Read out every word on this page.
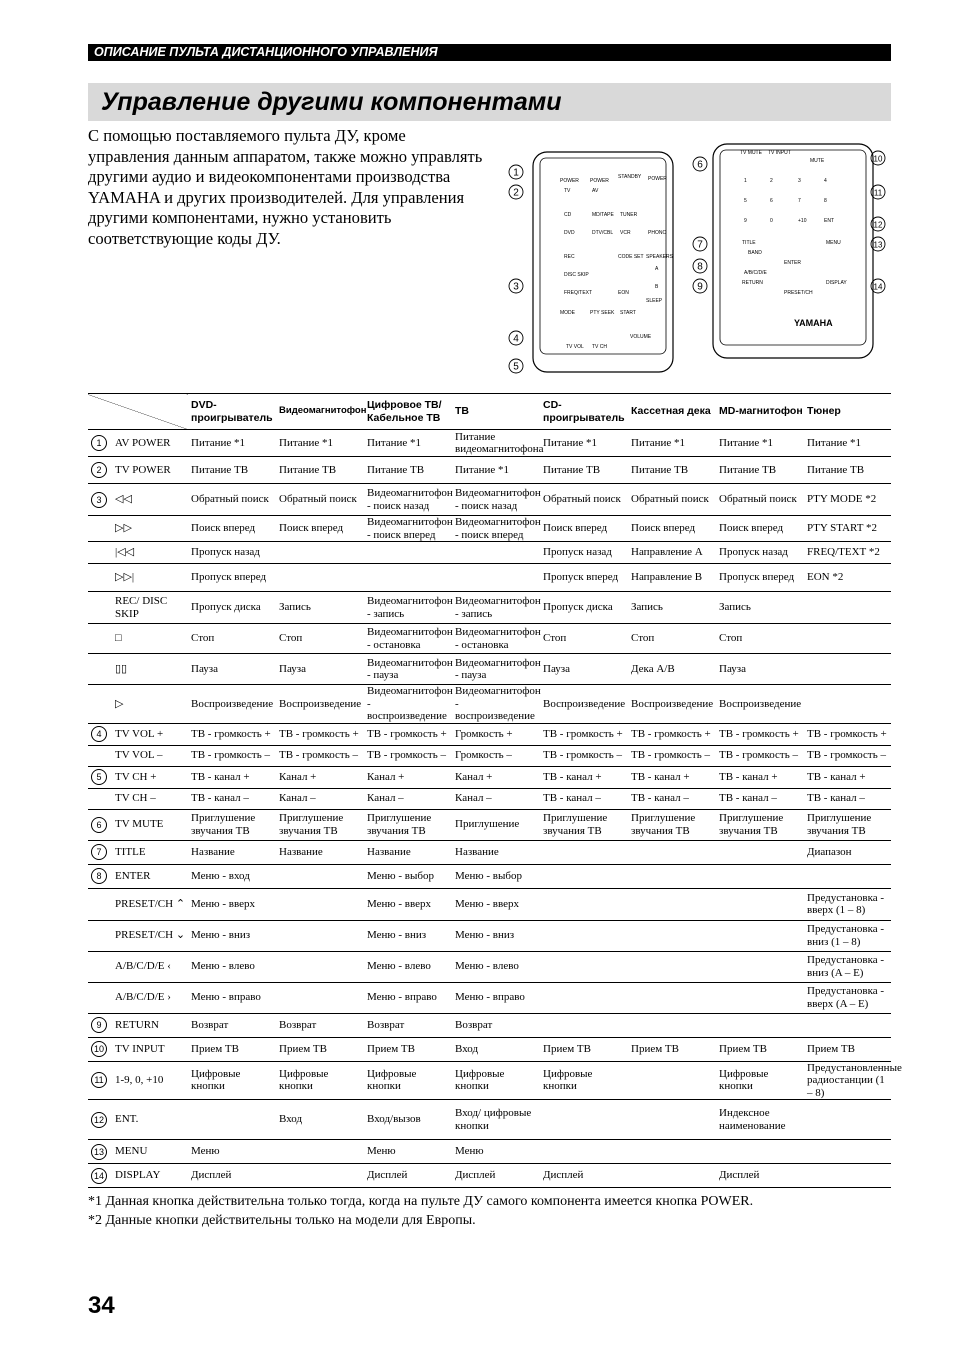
ОПИСАНИЕ ПУЛЬТА ДИСТАНЦИОННОГО УПРАВЛЕНИЯ
Управление другими компонентами
С помощью поставляемого пульта ДУ, кроме управления данным аппаратом, также можно управлять другими аудио и видеокомпонентами производства YAMAHA и других производителей. Для управления другими компонентами, нужно установить соответствующие коды ДУ.
POWER POWER
STANDBY POWER
TV	AV
CD	MD/TAPE TUNER
DVD	DTV/CBL VCR	PHONO
REC	CODE SET SPEAKERS
DISC SKIP
A
B
FREQ/TEXT	EON
SLEEP
MODE	PTY SEEK START
TV VOL TV CH
VOLUME
TV MUTE TV INPUT
MUTE
1	2	3	4
5	6	7	8
9	0	+10	ENT
TITLE	MENU
BAND
ENTER
A/B/C/D/E
RETURN	DISPLAY
PRESET/CH
YAMAHA
1
2
3
4
5
6
7
8
9
10
11
12
13
14
		DVD-проигрыватель	Видеомагнитофон	Цифровое ТВ/ Кабельное ТВ	ТВ	CD-проигрыватель	Кассетная дека	MD-магнитофон	Тюнер
1	AV POWER	Питание *1	Питание *1	Питание *1	Питание видеомагнитофона	Питание *1	Питание *1	Питание *1	Питание *1
2	TV POWER	Питание ТВ	Питание ТВ	Питание ТВ	Питание *1	Питание ТВ	Питание ТВ	Питание ТВ	Питание ТВ
3	◁◁	Обратный поиск	Обратный поиск	Видеомагнитофон - поиск назад	Видеомагнитофон - поиск назад	Обратный поиск	Обратный поиск	Обратный поиск	PTY MODE *2
	▷▷	Поиск вперед	Поиск вперед	Видеомагнитофон - поиск вперед	Видеомагнитофон - поиск вперед	Поиск вперед	Поиск вперед	Поиск вперед	PTY START *2
	|◁◁	Пропуск назад				Пропуск назад	Направление A	Пропуск назад	FREQ/TEXT *2
	▷▷|	Пропуск вперед				Пропуск вперед	Направление B	Пропуск вперед	EON *2
	REC/ DISC SKIP	Пропуск диска	Запись	Видеомагнитофон - запись	Видеомагнитофон - запись	Пропуск диска	Запись	Запись	
	□	Стоп	Стоп	Видеомагнитофон - остановка	Видеомагнитофон - остановка	Стоп	Стоп	Стоп	
	▯▯	Пауза	Пауза	Видеомагнитофон - пауза	Видеомагнитофон - пауза	Пауза	Дека A/B	Пауза	
	▷	Воспроизведение	Воспроизведение	Видеомагнитофон - воспроизведение	Видеомагнитофон - воспроизведение	Воспроизведение	Воспроизведение	Воспроизведение	
4	TV VOL +	ТВ - громкость +	ТВ - громкость +	ТВ - громкость +	Громкость +	ТВ - громкость +	ТВ - громкость +	ТВ - громкость +	ТВ - громкость +
	TV VOL –	ТВ - громкость –	ТВ - громкость –	ТВ - громкость –	Громкость –	ТВ - громкость –	ТВ - громкость –	ТВ - громкость –	ТВ - громкость –
5	TV CH +	ТВ - канал +	Канал +	Канал +	Канал +	ТВ - канал +	ТВ - канал +	ТВ - канал +	ТВ - канал +
	TV CH –	ТВ - канал –	Канал –	Канал –	Канал –	ТВ - канал –	ТВ - канал –	ТВ - канал –	ТВ - канал –
6	TV MUTE	Приглушение звучания ТВ	Приглушение звучания ТВ	Приглушение звучания ТВ	Приглушение	Приглушение звучания ТВ	Приглушение звучания ТВ	Приглушение звучания ТВ	Приглушение звучания ТВ
7	TITLE	Название	Название	Название	Название				Диапазон
8	ENTER	Меню - вход		Меню - выбор	Меню - выбор				
	PRESET/CH ⌃	Меню - вверх		Меню - вверх	Меню - вверх				Предустановка - вверх (1 – 8)
	PRESET/CH ⌄	Меню - вниз		Меню - вниз	Меню - вниз				Предустановка - вниз (1 – 8)
	A/B/C/D/E ‹	Меню - влево		Меню - влево	Меню - влево				Предустановка - вниз (A – E)
	A/B/C/D/E ›	Меню - вправо		Меню - вправо	Меню - вправо				Предустановка - вверх (A – E)
9	RETURN	Возврат	Возврат	Возврат	Возврат				
10	TV INPUT	Прием ТВ	Прием ТВ	Прием ТВ	Вход	Прием ТВ	Прием ТВ	Прием ТВ	Прием ТВ
11	1-9, 0, +10	Цифровые кнопки	Цифровые кнопки	Цифровые кнопки	Цифровые кнопки	Цифровые кнопки		Цифровые кнопки	Предустановленные радиостанции (1 – 8)
12	ENT.		Вход	Вход/вызов	Вход/ цифровые кнопки			Индексное наименование	
13	MENU	Меню		Меню	Меню				
14	DISPLAY	Дисплей		Дисплей	Дисплей	Дисплей		Дисплей	
*1 Данная кнопка действительна только тогда, когда на пульте ДУ самого компонента имеется кнопка POWER.
*2 Данные кнопки действительны только на модели для Европы.
34
